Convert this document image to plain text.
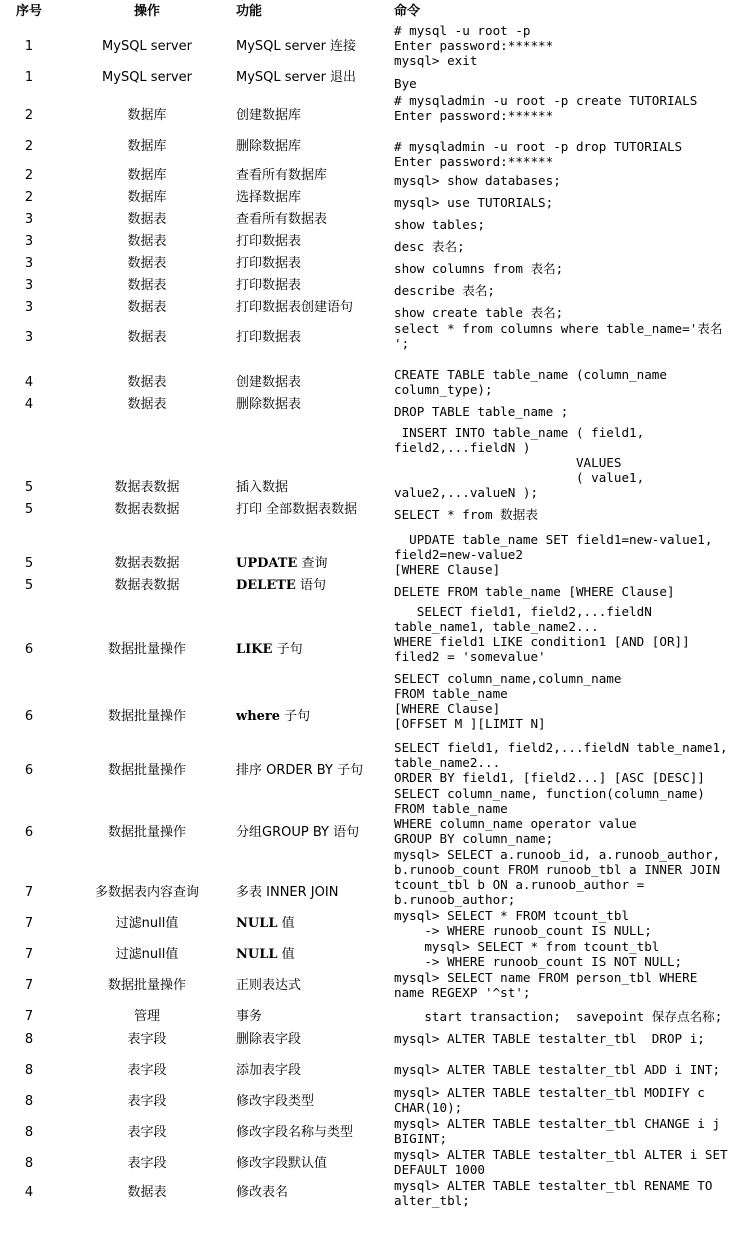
序号	操作	功能	命令
1	MySQL server	MySQL server 连接
# mysql -u root -p
Enter password:******
mysql> exit
1	MySQL server	MySQL server 退出	Bye
2	数据库	创建数据库
# mysqladmin -u root -p create TUTORIALS
Enter password:******
2	数据库	删除数据库	# mysqladmin -u root -p drop TUTORIALS
Enter password:******
2	数据库	查看所有数据库	mysql> show databases;
2	数据库	选择数据库	mysql> use TUTORIALS;
3	数据表	查看所有数据表	show tables;
3	数据表	打印数据表	desc 表名;
3	数据表	打印数据表	show columns from 表名;
3	数据表	打印数据表	describe 表名;
3	数据表	打印数据表创建语句	show create table 表名;
3	数据表	打印数据表
select * from columns where table_name='表名
';
4	数据表	创建数据表
CREATE TABLE table_name (column_name
column_type);
4	数据表	删除数据表	DROP TABLE table_name ;
5	数据表数据	插入数据
INSERT INTO table_name ( field1,
field2,...fieldN )
VALUES
( value1,
value2,...valueN );
5	数据表数据	打印 全部数据表数据	SELECT * from 数据表
5	数据表数据	UPDATE 查询
UPDATE table_name SET field1=new-value1,
field2=new-value2
[WHERE Clause]
5	数据表数据	DELETE 语句	DELETE FROM table_name [WHERE Clause]
6	数据批量操作	LIKE 子句
SELECT field1, field2,...fieldN
table_name1, table_name2...
WHERE field1 LIKE condition1 [AND [OR]]
filed2 = 'somevalue'
6	数据批量操作	where 子句
SELECT column_name,column_name
FROM table_name
[WHERE Clause]
[OFFSET M ][LIMIT N]
6	数据批量操作	排序 ORDER BY 子句
SELECT field1, field2,...fieldN table_name1,
table_name2...
ORDER BY field1, [field2...] [ASC [DESC]]
6	数据批量操作	分组GROUP BY 语句
SELECT column_name, function(column_name)
FROM table_name
WHERE column_name operator value
GROUP BY column_name;
7	多数据表内容查询	多表 INNER JOIN
mysql> SELECT a.runoob_id, a.runoob_author,
b.runoob_count FROM runoob_tbl a INNER JOIN
tcount_tbl b ON a.runoob_author =
b.runoob_author;
7	过滤null值	NULL 值
mysql> SELECT * FROM tcount_tbl
-> WHERE runoob_count IS NULL;
7	过滤null值	NULL 值
mysql> SELECT * from tcount_tbl
-> WHERE runoob_count IS NOT NULL;
7	数据批量操作	正则表达式
mysql> SELECT name FROM person_tbl WHERE
name REGEXP '^st';
7	管理	事务	start transaction;  savepoint 保存点名称;
8	表字段	删除表字段	mysql> ALTER TABLE testalter_tbl  DROP i;
8	表字段	添加表字段	mysql> ALTER TABLE testalter_tbl ADD i INT;
8	表字段	修改字段类型
mysql> ALTER TABLE testalter_tbl MODIFY c
CHAR(10);
8	表字段	修改字段名称与类型
mysql> ALTER TABLE testalter_tbl CHANGE i j
BIGINT;
8	表字段	修改字段默认值
mysql> ALTER TABLE testalter_tbl ALTER i SET
DEFAULT 1000
4	数据表	修改表名	mysql> ALTER TABLE testalter_tbl RENAME TO
alter_tbl;
